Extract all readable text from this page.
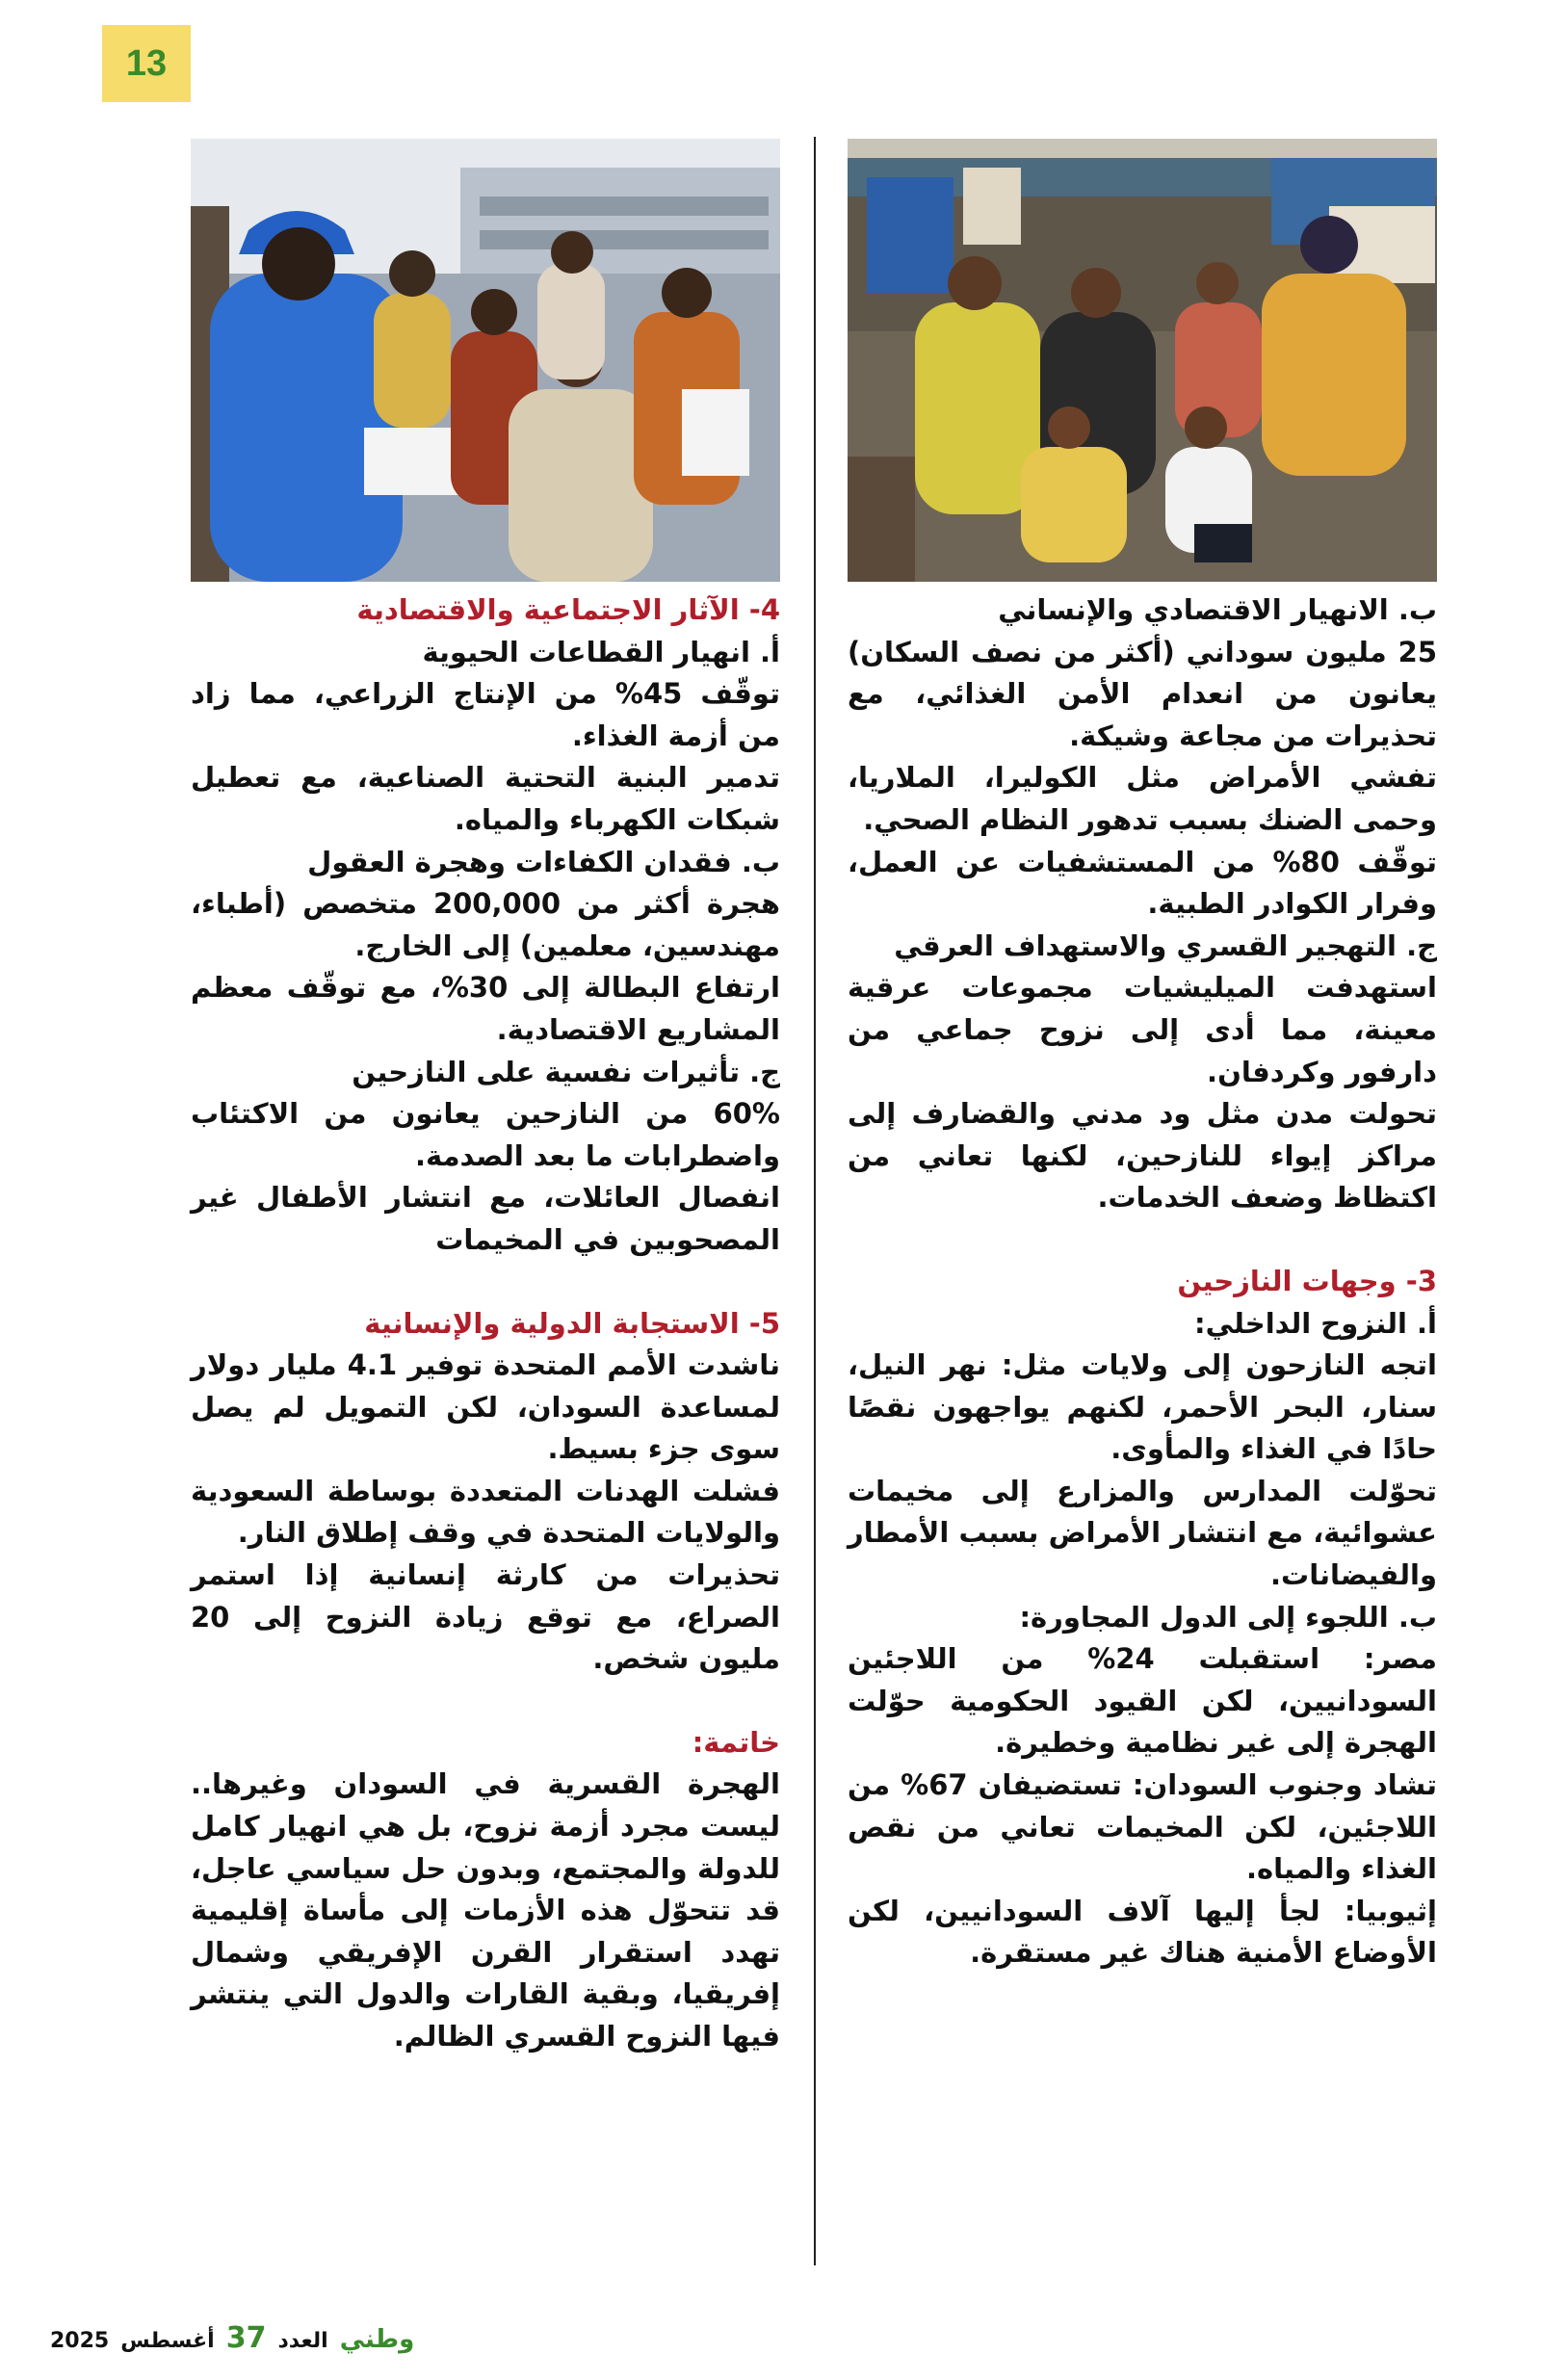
13

ب. الانهيار الاقتصادي والإنساني

25 مليون سوداني (أكثر من نصف السكان) يعانون من انعدام الأمن الغذائي، مع تحذيرات من مجاعة وشيكة.

تفشي الأمراض مثل الكوليرا، الملاريا، وحمى الضنك بسبب تدهور النظام الصحي.

توقّف 80% من المستشفيات عن العمل، وفرار الكوادر الطبية.

ج. التهجير القسري والاستهداف العرقي

استهدفت الميليشيات مجموعات عرقية معينة، مما أدى إلى نزوح جماعي من دارفور وكردفان.

تحولت مدن مثل ود مدني والقضارف إلى مراكز إيواء للنازحين، لكنها تعاني من اكتظاظ وضعف الخدمات.

3- وجهات النازحين

أ. النزوح الداخلي:

اتجه النازحون إلى ولايات مثل: نهر النيل، سنار، البحر الأحمر، لكنهم يواجهون نقصًا حادًا في الغذاء والمأوى.

تحوّلت المدارس والمزارع إلى مخيمات عشوائية، مع انتشار الأمراض بسبب الأمطار والفيضانات.

ب. اللجوء إلى الدول المجاورة:

مصر: استقبلت 24% من اللاجئين السودانيين، لكن القيود الحكومية حوّلت الهجرة إلى غير نظامية وخطيرة.

تشاد وجنوب السودان: تستضيفان 67% من اللاجئين، لكن المخيمات تعاني من نقص الغذاء والمياه.

إثيوبيا: لجأ إليها آلاف السودانيين، لكن الأوضاع الأمنية هناك غير مستقرة.

4- الآثار الاجتماعية والاقتصادية

أ. انهيار القطاعات الحيوية

توقّف 45% من الإنتاج الزراعي، مما زاد من أزمة الغذاء.

تدمير البنية التحتية الصناعية، مع تعطيل شبكات الكهرباء والمياه.

ب. فقدان الكفاءات وهجرة العقول

هجرة أكثر من 200,000 متخصص (أطباء، مهندسين، معلمين) إلى الخارج.

ارتفاع البطالة إلى 30%، مع توقّف معظم المشاريع الاقتصادية.

ج. تأثيرات نفسية على النازحين

60% من النازحين يعانون من الاكتئاب واضطرابات ما بعد الصدمة.

انفصال العائلات، مع انتشار الأطفال غير المصحوبين في المخيمات

5- الاستجابة الدولية والإنسانية

ناشدت الأمم المتحدة توفير 4.1 مليار دولار لمساعدة السودان، لكن التمويل لم يصل سوى جزء بسيط.

فشلت الهدنات المتعددة بوساطة السعودية والولايات المتحدة في وقف إطلاق النار.

تحذيرات من كارثة إنسانية إذا استمر الصراع، مع توقع زيادة النزوح إلى 20 مليون شخص.

خاتمة:

الهجرة القسرية في السودان وغيرها.. ليست مجرد أزمة نزوح، بل هي انهيار كامل للدولة والمجتمع، وبدون حل سياسي عاجل، قد تتحوّل هذه الأزمات إلى مأساة إقليمية تهدد استقرار القرن الإفريقي وشمال إفريقيا، وبقية القارات والدول التي ينتشر فيها النزوح القسري الظالم.

2025 أغسطس 37 العدد وطني
